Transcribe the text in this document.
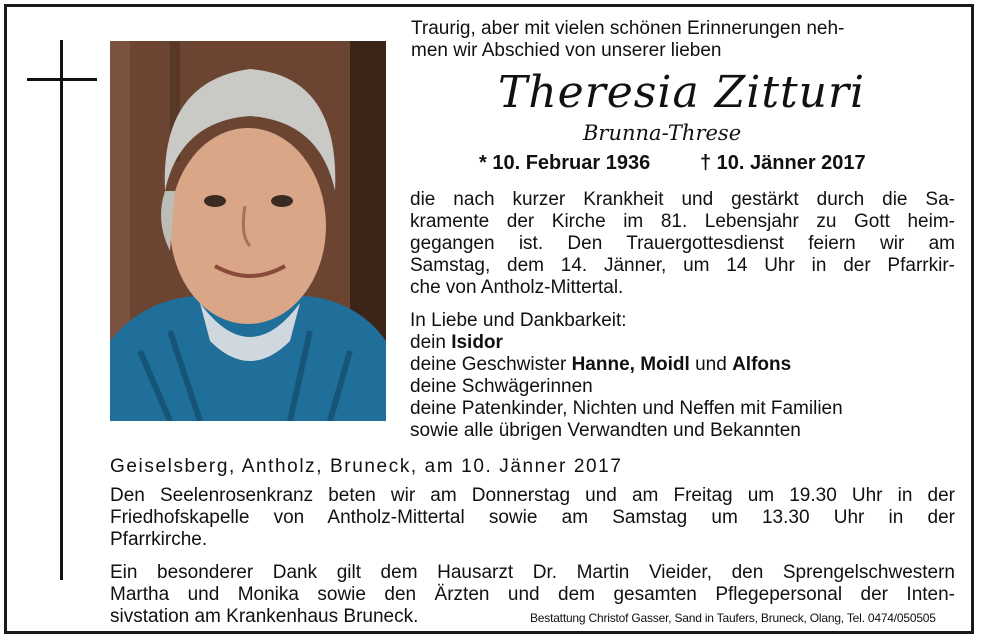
Traurig, aber mit vielen schönen Erinnerungen neh-
men wir Abschied von unserer lieben
Theresia Zitturi
Brunna-Threse
* 10. Februar 1936 † 10. Jänner 2017
die nach kurzer Krankheit und gestärkt durch die Sa-
kramente der Kirche im 81. Lebensjahr zu Gott heim-
gegangen ist. Den Trauergottesdienst feiern wir am
Samstag, dem 14. Jänner, um 14 Uhr in der Pfarrkir-
che von Antholz-Mittertal.
In Liebe und Dankbarkeit:
dein Isidor
deine Geschwister Hanne, Moidl und Alfons
deine Schwägerinnen
deine Patenkinder, Nichten und Neffen mit Familien
sowie alle übrigen Verwandten und Bekannten
Geiselsberg, Antholz, Bruneck, am 10. Jänner 2017
Den Seelenrosenkranz beten wir am Donnerstag und am Freitag um 19.30 Uhr in der
Friedhofskapelle von Antholz-Mittertal sowie am Samstag um 13.30 Uhr in der
Pfarrkirche.
Ein besonderer Dank gilt dem Hausarzt Dr. Martin Vieider, den Sprengelschwestern
Martha und Monika sowie den Ärzten und dem gesamten Pflegepersonal der Inten-
sivstation am Krankenhaus Bruneck.	Bestattung Christof Gasser, Sand in Taufers, Bruneck, Olang, Tel. 0474/050505
